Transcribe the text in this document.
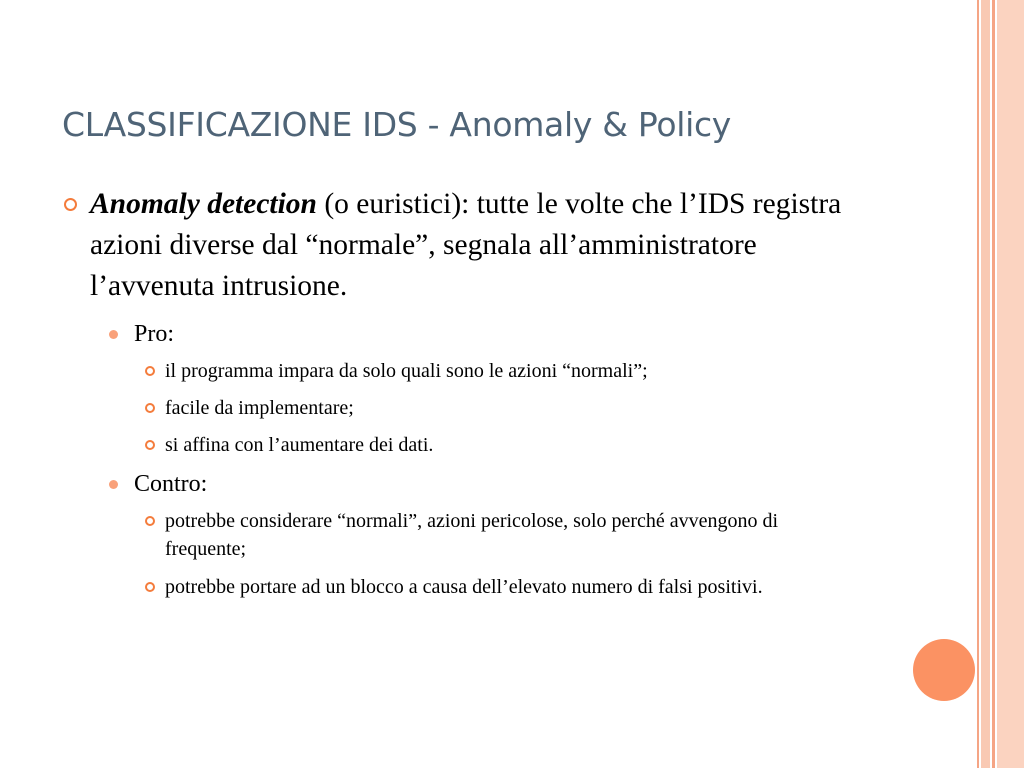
CLASSIFICAZIONE IDS - Anomaly & Policy
Anomaly detection (o euristici): tutte le volte che l’IDS registra azioni diverse dal “normale”, segnala all’amministratore l’avvenuta intrusione.
Pro:
il programma impara da solo quali sono le azioni “normali”;
facile da implementare;
si affina con l’aumentare dei dati.
Contro:
potrebbe considerare “normali”, azioni pericolose, solo perché avvengono di frequente;
potrebbe portare ad un blocco a causa dell’elevato numero di falsi positivi.
